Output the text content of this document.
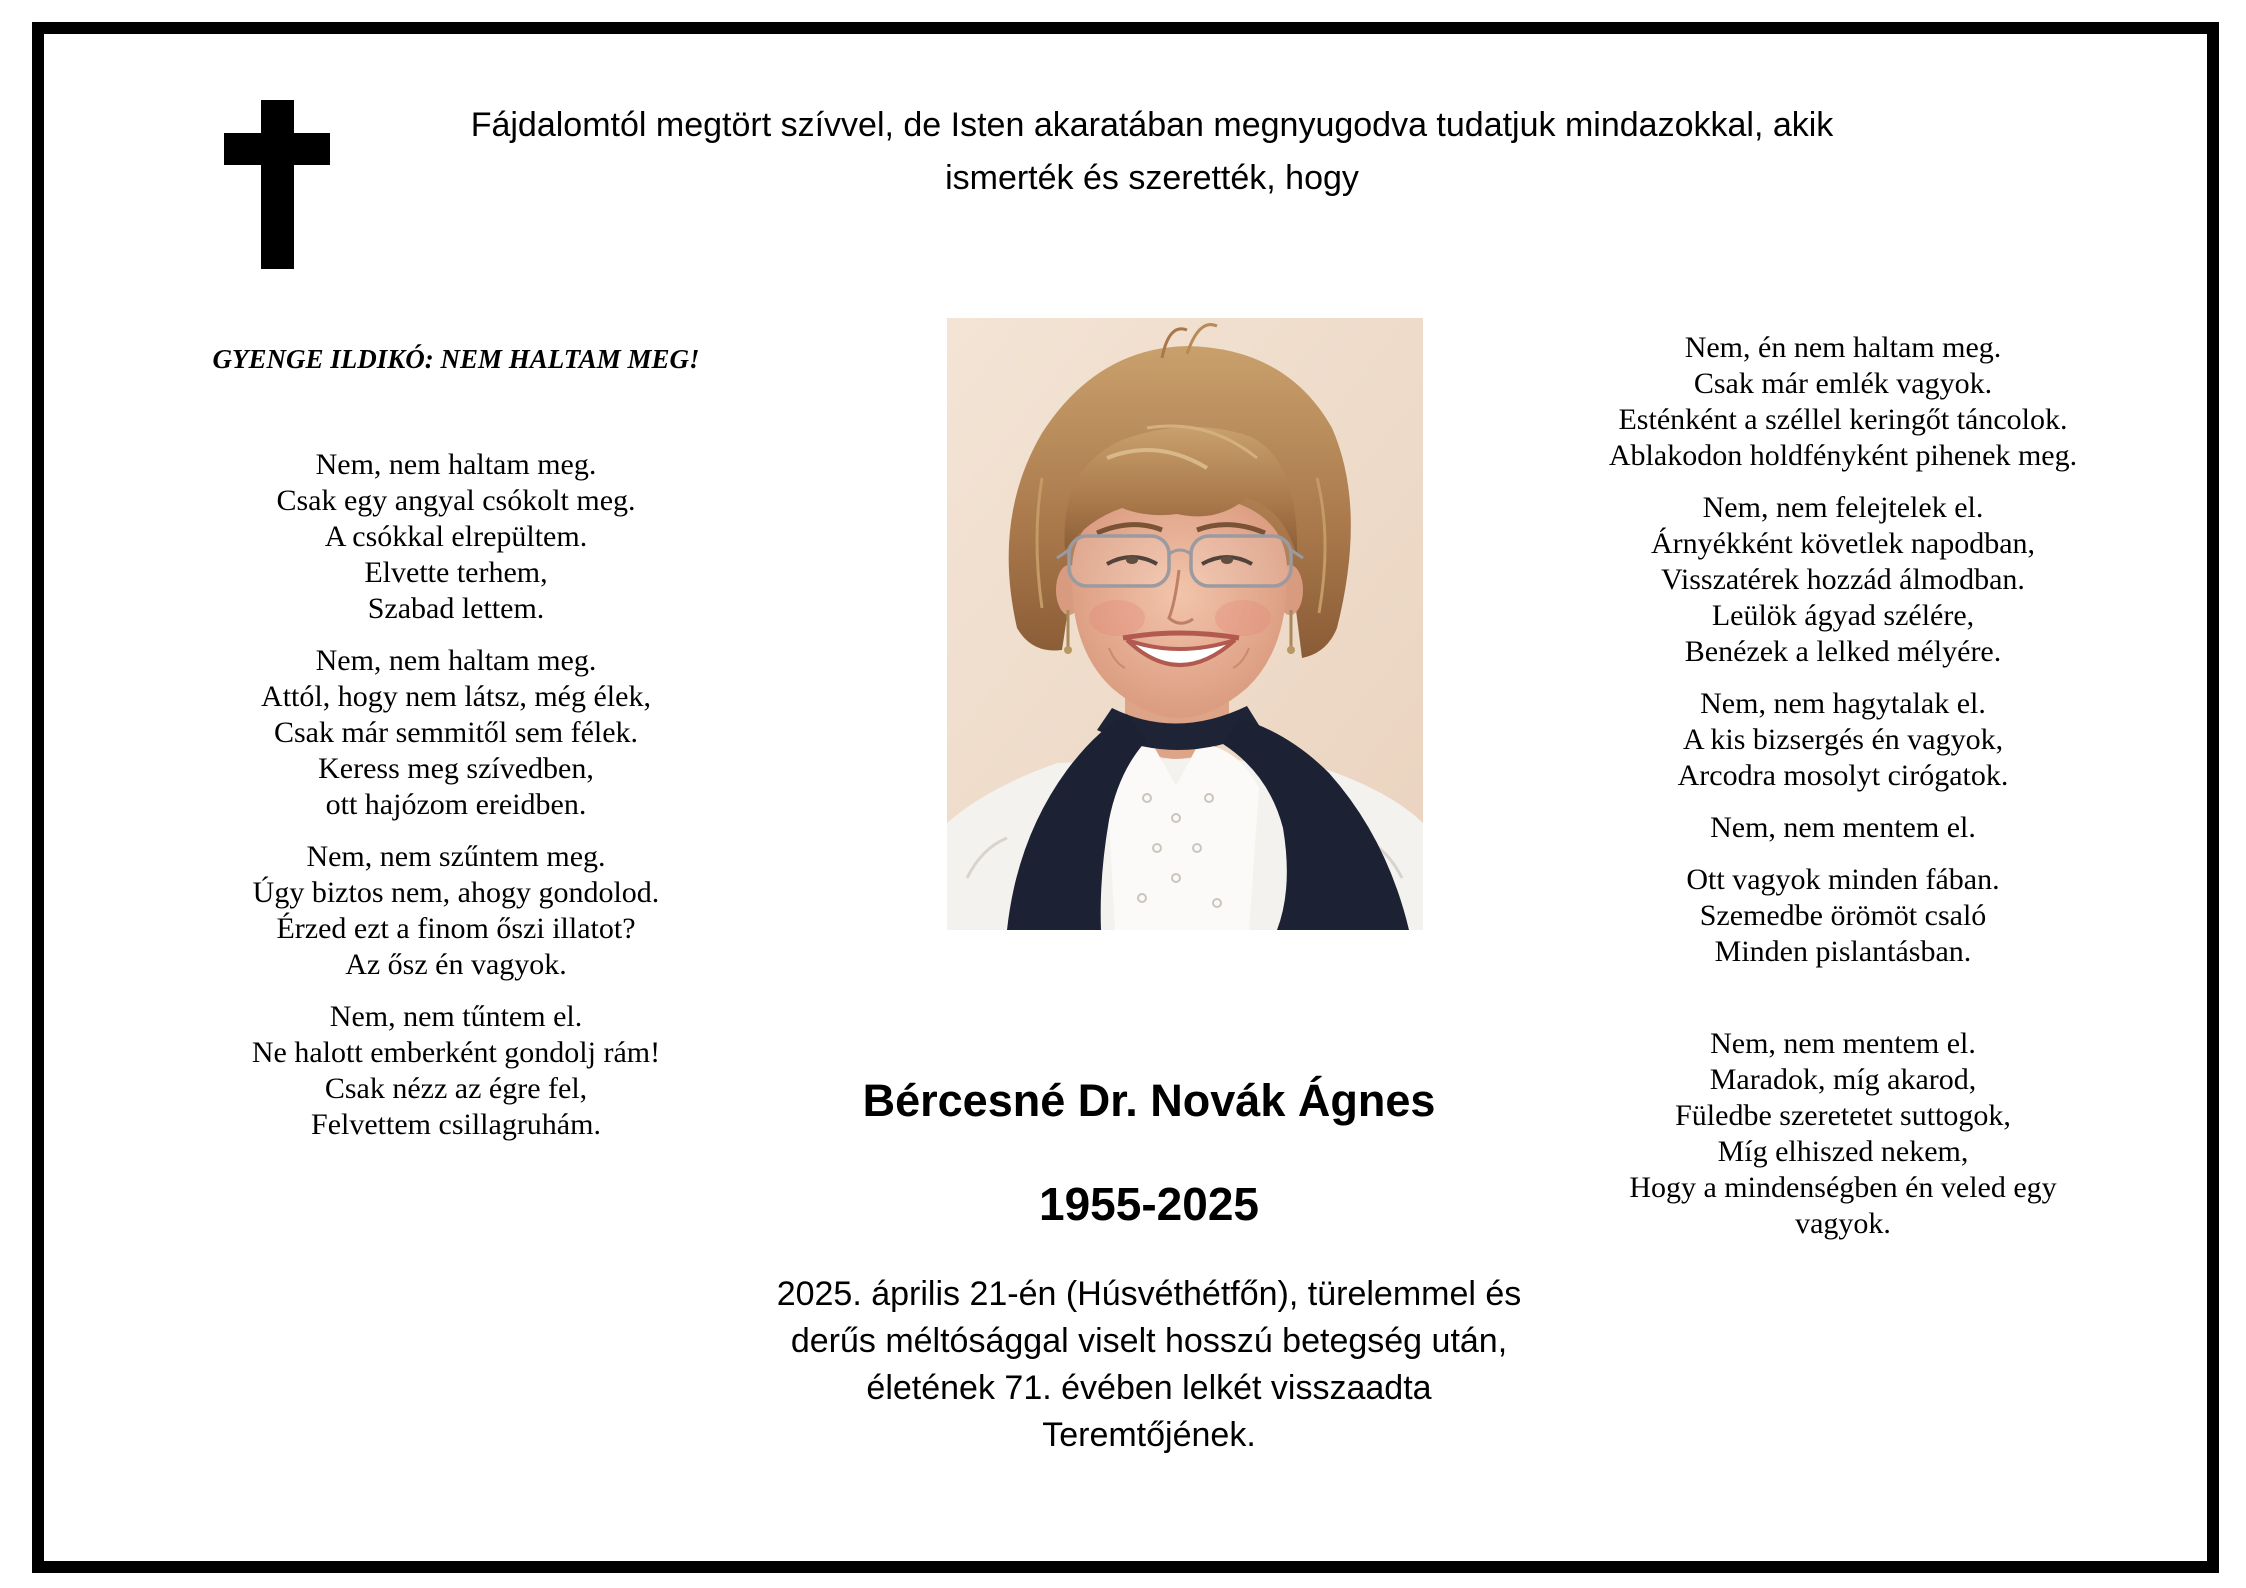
Fájdalomtól megtört szívvel, de Isten akaratában megnyugodva tudatjuk mindazokkal, akik
ismerték és szerették, hogy
GYENGE ILDIKÓ: NEM HALTAM MEG!
Nem, nem haltam meg.
Csak egy angyal csókolt meg.
A csókkal elrepültem.
Elvette terhem,
Szabad lettem.
Nem, nem haltam meg.
Attól, hogy nem látsz, még élek,
Csak már semmitől sem félek.
Keress meg szívedben,
ott hajózom ereidben.
Nem, nem szűntem meg.
Úgy biztos nem, ahogy gondolod.
Érzed ezt a finom őszi illatot?
Az ősz én vagyok.
Nem, nem tűntem el.
Ne halott emberként gondolj rám!
Csak nézz az égre fel,
Felvettem csillagruhám.	Bércesné Dr. Novák Ágnes
1955-2025
2025. április 21-én (Húsvéthétfőn), türelemmel és
derűs méltósággal viselt hosszú betegség után,
életének 71. évében lelkét visszaadta
Teremtőjének.
Nem, én nem haltam meg.
Csak már emlék vagyok.
Esténként a széllel keringőt táncolok.
Ablakodon holdfényként pihenek meg.
Nem, nem felejtelek el.
Árnyékként követlek napodban,
Visszatérek hozzád álmodban.
Leülök ágyad szélére,
Benézek a lelked mélyére.
Nem, nem hagytalak el.
A kis bizsergés én vagyok,
Arcodra mosolyt cirógatok.
Nem, nem mentem el.
Ott vagyok minden fában.
Szemedbe örömöt csaló
Minden pislantásban.
Nem, nem mentem el.
Maradok, míg akarod,
Füledbe szeretetet suttogok,
Míg elhiszed nekem,
Hogy a mindenségben én veled egy
vagyok.
